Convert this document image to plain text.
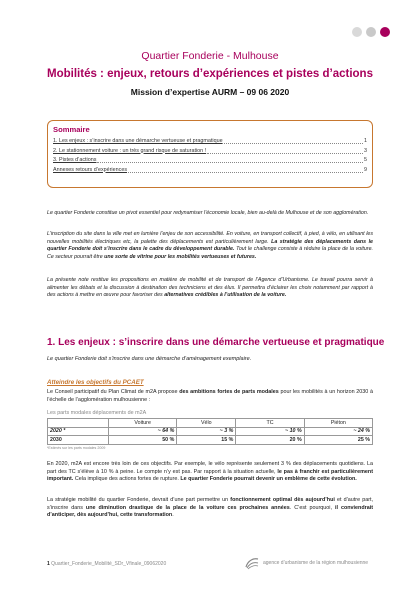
Quartier Fonderie - Mulhouse
Mobilités : enjeux, retours d’expériences et pistes d’actions
Mission d’expertise AURM – 09 06 2020
Sommaire
1. Les enjeux : s’inscrire dans une démarche vertueuse et pragmatique	1
2. Le stationnement voiture : un très grand risque de saturation !	3
3. Pistes d’actions	5
Annexes retours d’expériences	9

Le quartier Fonderie constitue un pivot essentiel pour redynamiser l’économie locale, bien au-delà de Mulhouse et de son agglomération.

L’inscription du site dans la ville met en lumière l’enjeu de son accessibilité. En voiture, en transport collectif, à pied, à vélo, en utilisant les nouvelles mobilités électriques etc, la palette des déplacements est particulièrement large. La stratégie des déplacements dans le quartier Fonderie doit s’inscrire dans le cadre du développement durable. Tout le challenge consiste à réduire la place de la voiture. Ce secteur pourrait être une sorte de vitrine pour les mobilités vertueuses et futures.

La présente note restitue les propositions en matière de mobilité et de transport de l’Agence d’Urbanisme. Le travail pourra servir à alimenter les débats et la discussion à destination des techniciens et des élus. Il permettra d’éclairer les choix notamment par rapport à des actions à mettre en œuvre pour favoriser des alternatives crédibles à l’utilisation de la voiture.

1. Les enjeux : s’inscrire dans une démarche vertueuse et pragmatique
Le quartier Fonderie doit s’inscrire dans une démarche d’aménagement exemplaire.
Atteindre les objectifs du PCAET

Le Conseil participatif du Plan Climat de m2A propose des ambitions fortes de parts modales pour les mobilités à un horizon 2030 à l’échelle de l’agglomération mulhousienne :

Les parts modales déplacements de m2A
	Voiture	Vélo	TC	Piéton
2020 *	~ 64 %	~ 3 %	~ 10 %	~ 24 %
2030	50 %	15 %	20 %	25 %
*Estimés sur les parts modales 2009

En 2020, m2A est encore très loin de ces objectifs. Par exemple, le vélo représente seulement 3 % des déplacements quotidiens. La part des TC s’élève à 10 % à peine. Le compte n’y est pas. Par rapport à la situation actuelle, le pas à franchir est particulièrement important. Cela implique des actions fortes de rupture. Le quartier Fonderie pourrait devenir un emblème de cette évolution.

La stratégie mobilité du quartier Fonderie, devrait d’une part permettre un fonctionnement optimal dès aujourd’hui et d’autre part, s’inscrire dans une diminution drastique de la place de la voiture ces prochaines années. C’est pourquoi, il conviendrait d’anticiper, dès aujourd’hui, cette transformation.

1 Quartier_Fonderie_Mobilité_SDr_Vfinale_09062020	agence d’urbanisme de la région mulhousienne
